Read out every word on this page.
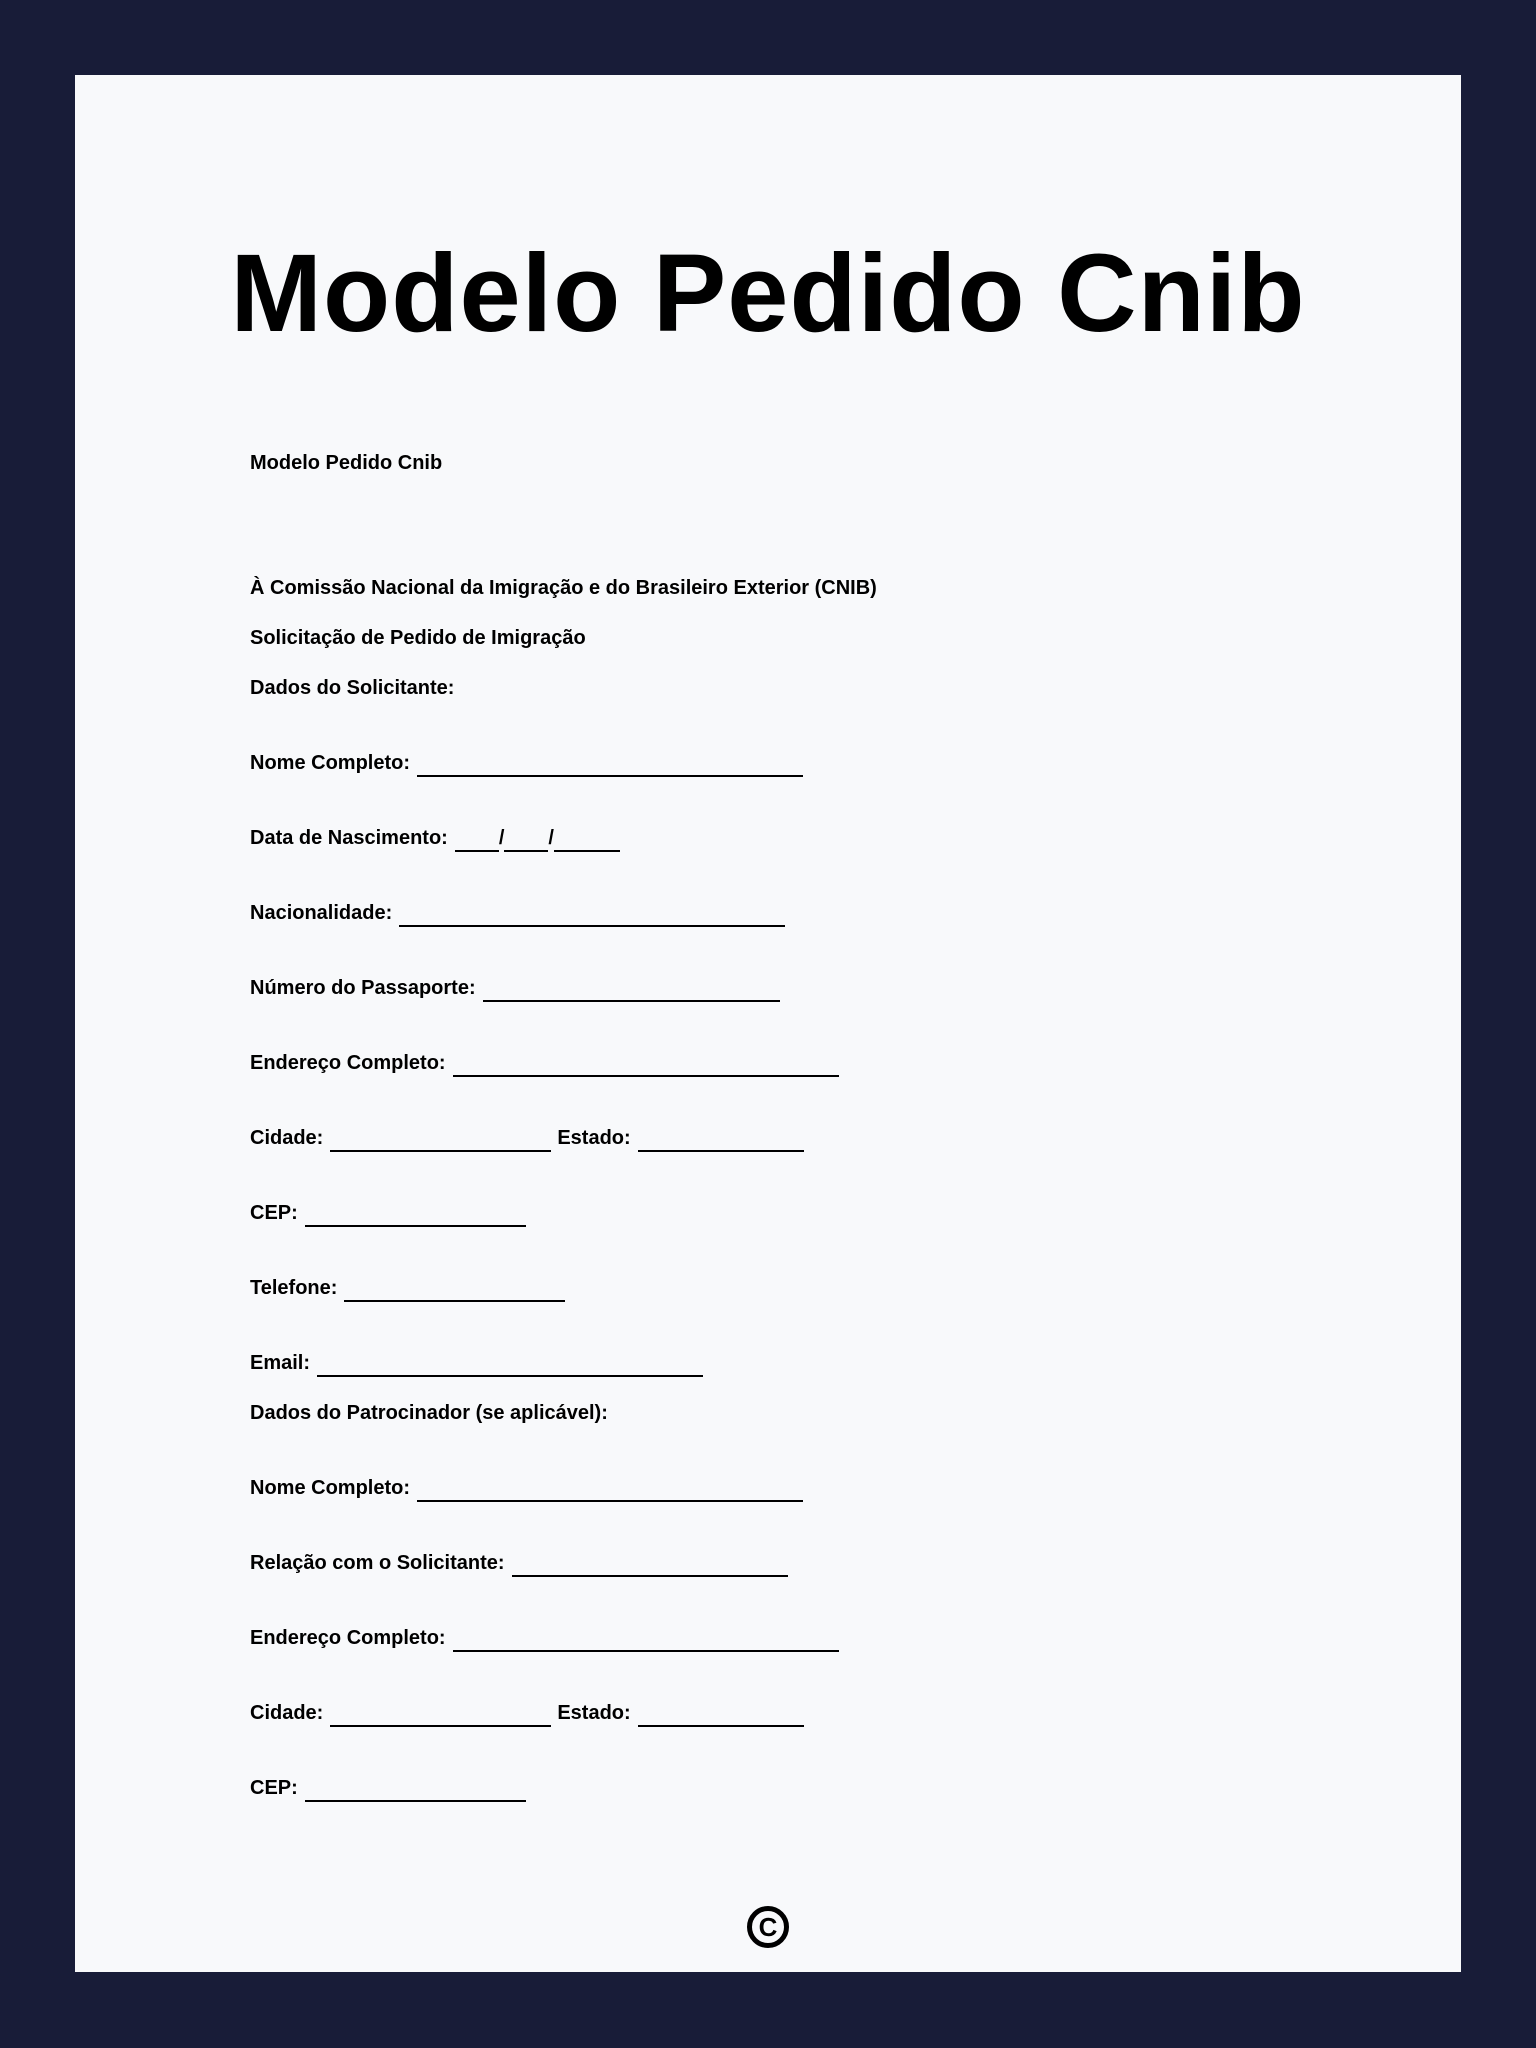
Modelo Pedido Cnib
Modelo Pedido Cnib
À Comissão Nacional da Imigração e do Brasileiro Exterior (CNIB)
Solicitação de Pedido de Imigração
Dados do Solicitante:
Nome Completo:
Data de Nascimento:	/ /
Nacionalidade:
Número do Passaporte:
Endereço Completo:
Cidade:	Estado:
CEP:
Telefone:
Email:
Dados do Patrocinador (se aplicável):
Nome Completo:
Relação com o Solicitante:
Endereço Completo:
Cidade:	Estado:
CEP:
C
